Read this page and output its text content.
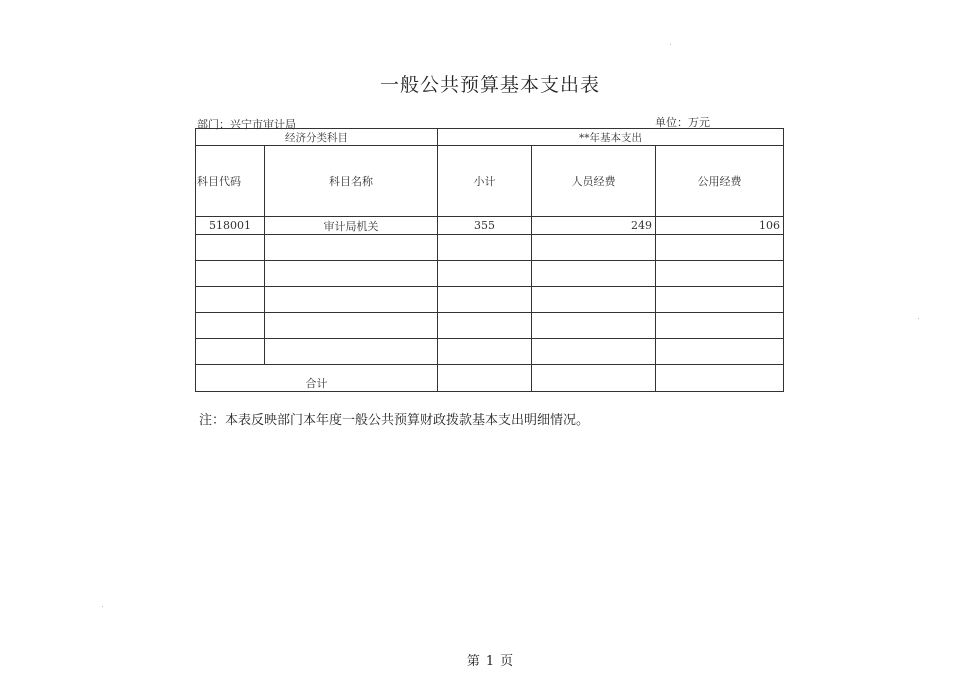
一般公共预算基本支出表
部门：兴宁市审计局	单位：万元
经济分类科目		**年基本支出		
科目代码	科目名称	小计	人员经费	公用经费
518001	审计局机关	355	249	106

合计				
注：本表反映部门本年度一般公共预算财政拨款基本支出明细情况。
第 1 页
